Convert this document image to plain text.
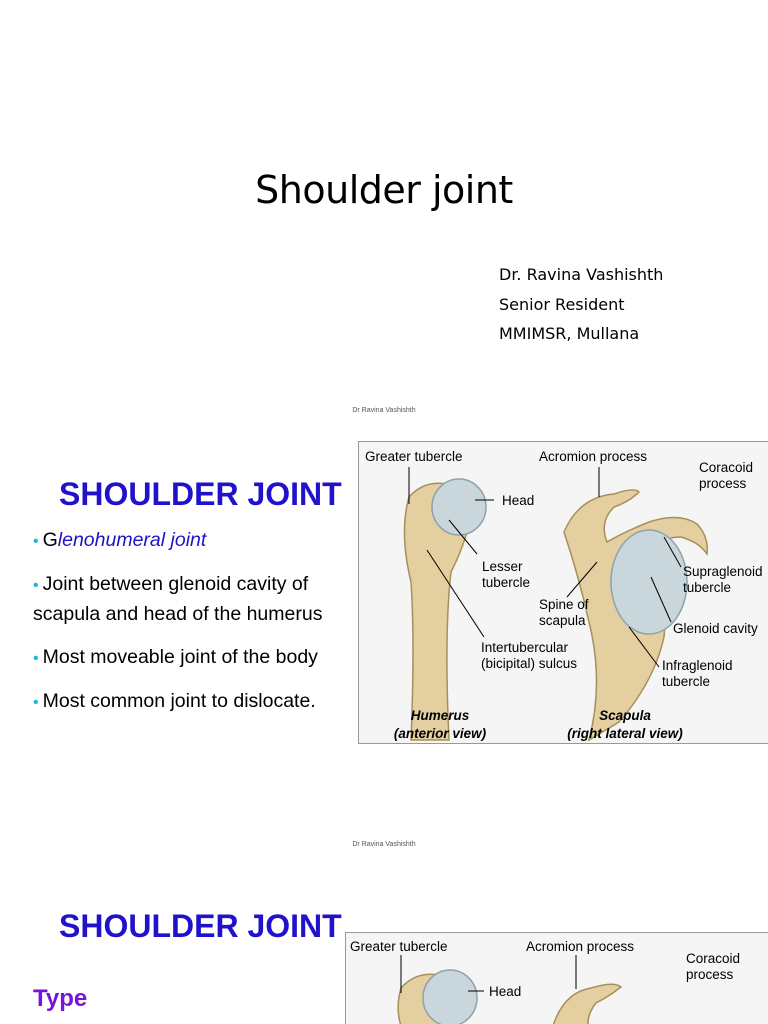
Shoulder joint
Dr. Ravina Vashishth
Senior Resident
MMIMSR, Mullana
Dr Ravina Vashishth
SHOULDER JOINT
• Glenohumeral joint
• Joint between glenoid cavity of
scapula and head of the humerus
• Most moveable joint of the body
• Most common joint to dislocate.
Greater tubercle	Acromion process
Coracoid
process
Head
Lesser
tubercle
Spine of
scapula
Supraglenoid
tubercle
Glenoid cavity
Intertubercular
(bicipital) sulcus	Infraglenoid
tubercle
Humerus
(anterior view)
Scapula
(right lateral view)
Dr Ravina Vashishth
SHOULDER JOINT
Type
Greater tubercle	Acromion process
Coracoid
process
Head
